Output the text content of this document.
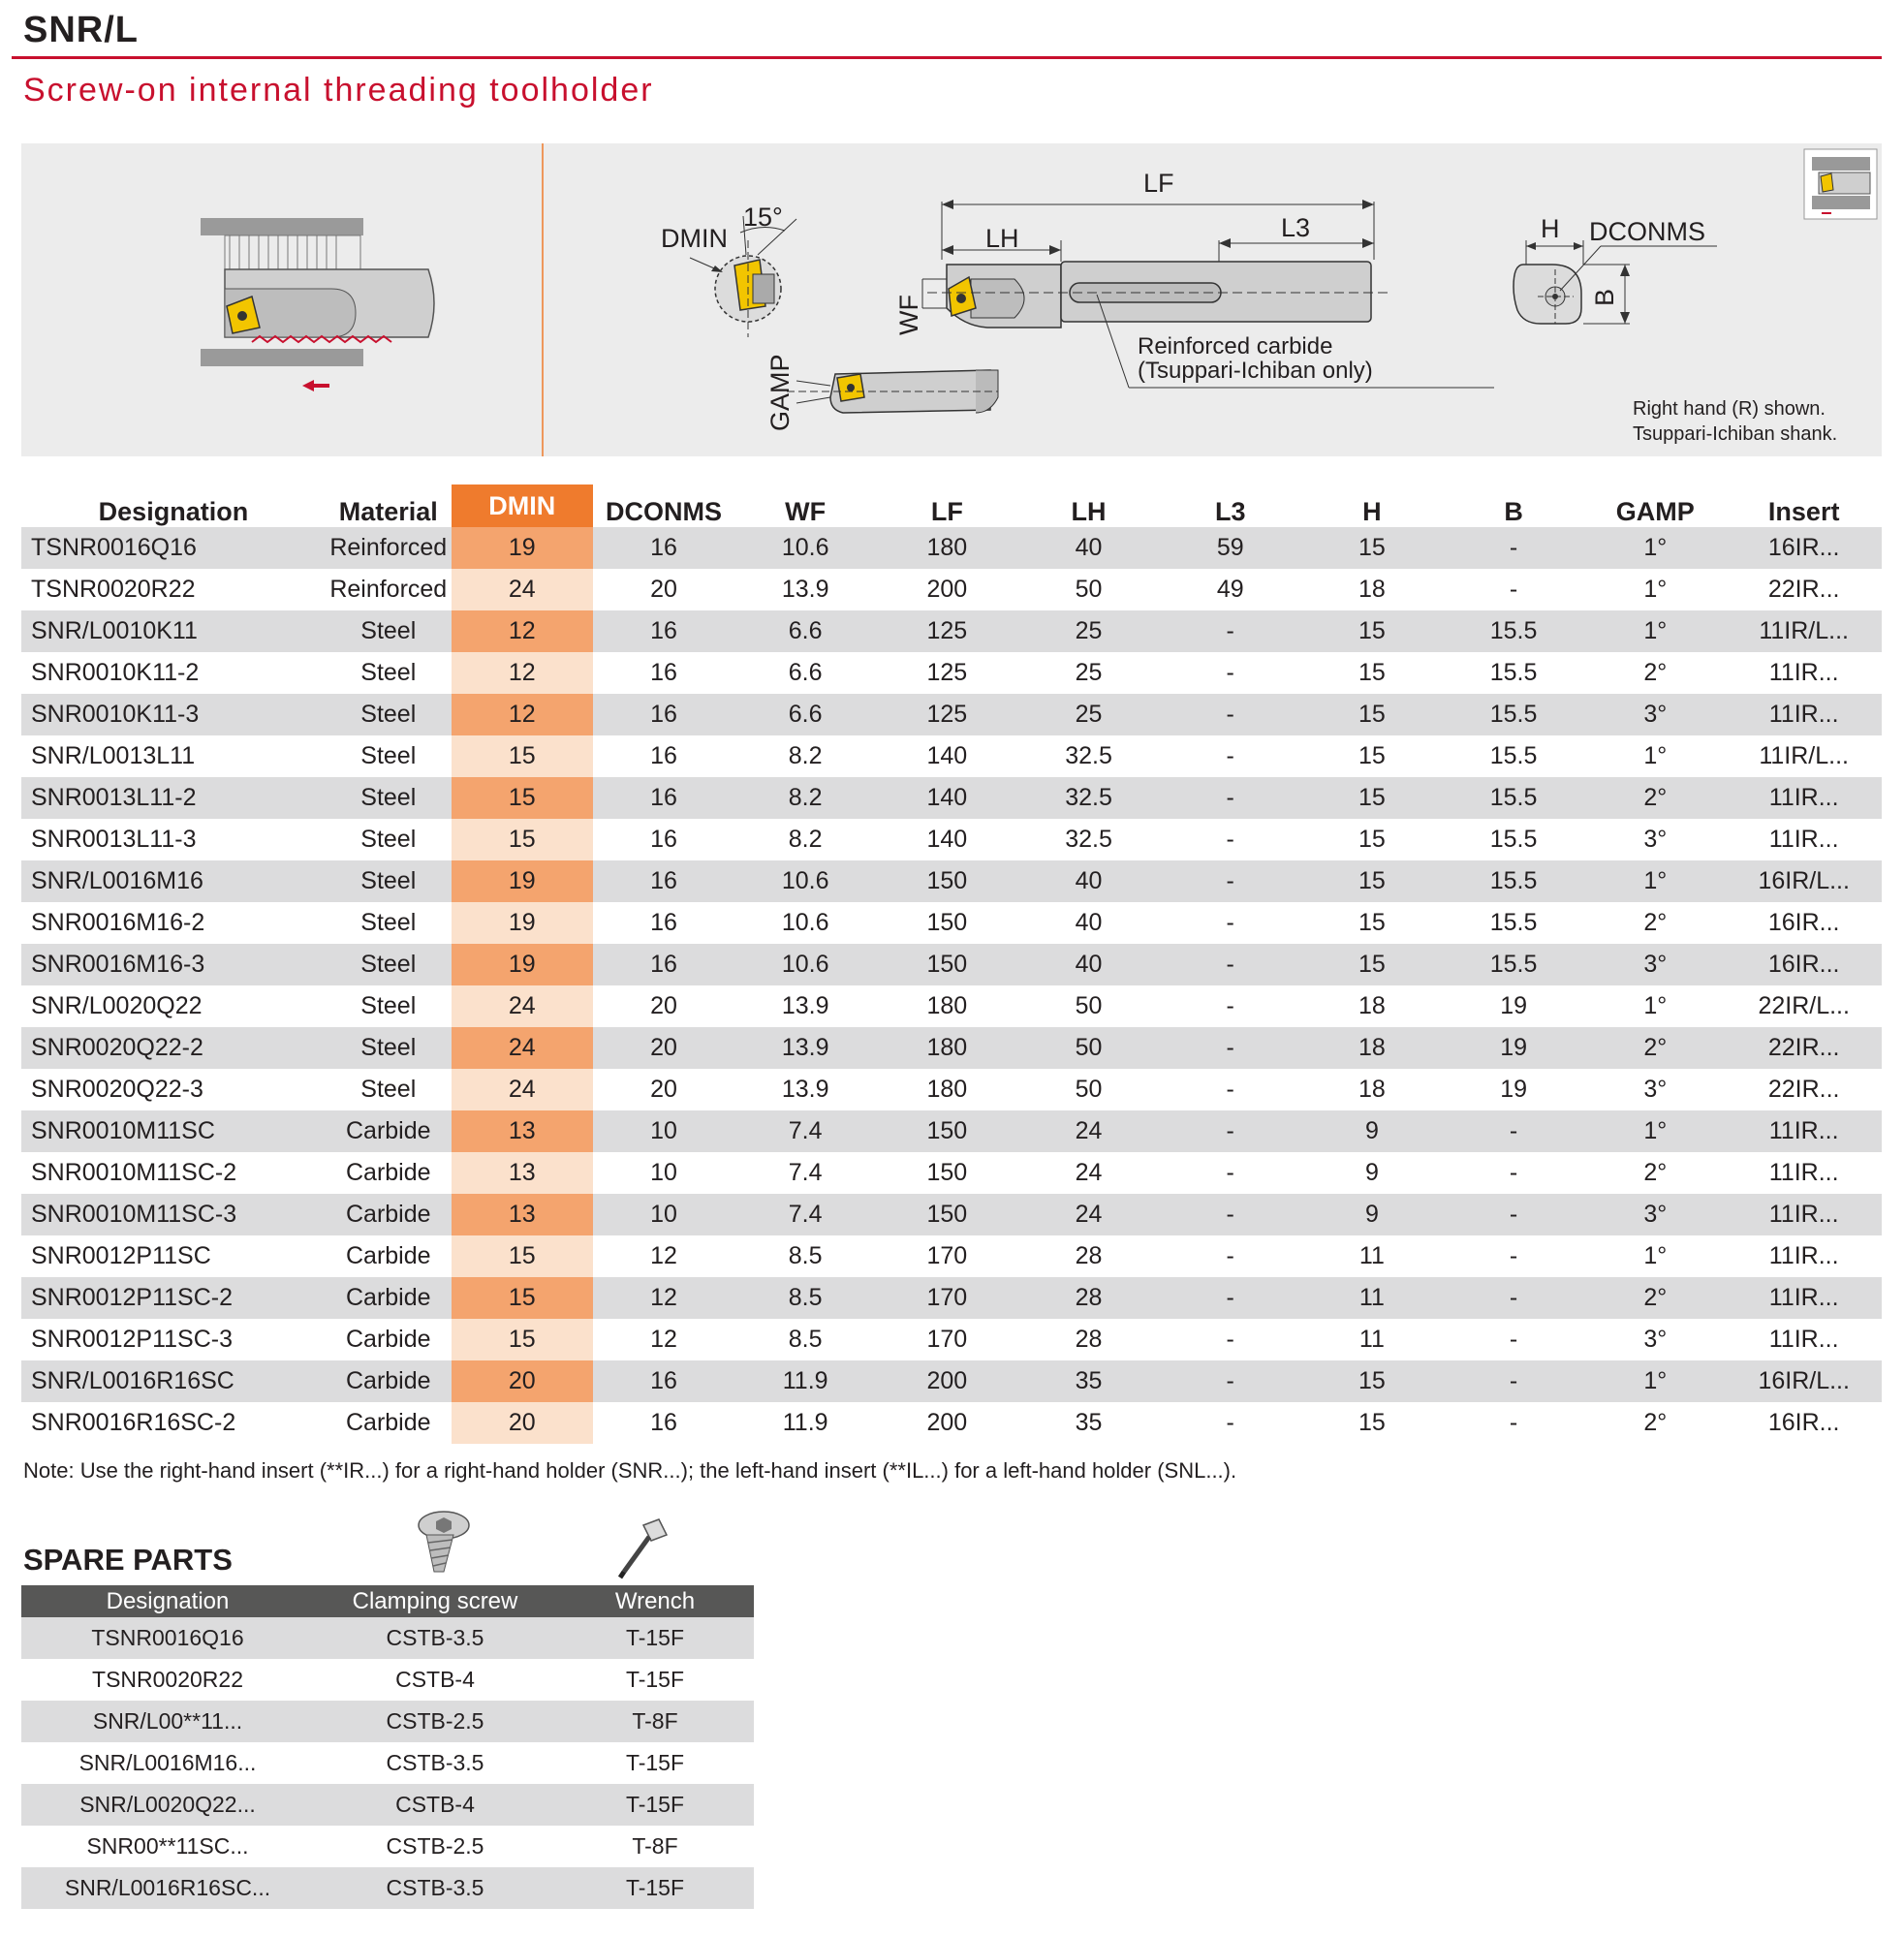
SNR/L
Screw-on internal threading toolholder
DMIN
15°
GAMP
LF
LH	L3
WF
Reinforced carbide
(Tsuppari-Ichiban only)
H DCONMS
B
Right hand (R) shown.
Tsuppari-Ichiban shank.
Designation	Material	DMIN	DCONMS	WF	LF	LH	L3	H	B	GAMP	Insert
TSNR0016Q16	Reinforced	19	16	10.6	180	40	59	15	-	1°	16IR...
TSNR0020R22	Reinforced	24	20	13.9	200	50	49	18	-	1°	22IR...
SNR/L0010K11	Steel	12	16	6.6	125	25	-	15	15.5	1°	11IR/L...
SNR0010K11-2	Steel	12	16	6.6	125	25	-	15	15.5	2°	11IR...
SNR0010K11-3	Steel	12	16	6.6	125	25	-	15	15.5	3°	11IR...
SNR/L0013L11	Steel	15	16	8.2	140	32.5	-	15	15.5	1°	11IR/L...
SNR0013L11-2	Steel	15	16	8.2	140	32.5	-	15	15.5	2°	11IR...
SNR0013L11-3	Steel	15	16	8.2	140	32.5	-	15	15.5	3°	11IR...
SNR/L0016M16	Steel	19	16	10.6	150	40	-	15	15.5	1°	16IR/L...
SNR0016M16-2	Steel	19	16	10.6	150	40	-	15	15.5	2°	16IR...
SNR0016M16-3	Steel	19	16	10.6	150	40	-	15	15.5	3°	16IR...
SNR/L0020Q22	Steel	24	20	13.9	180	50	-	18	19	1°	22IR/L...
SNR0020Q22-2	Steel	24	20	13.9	180	50	-	18	19	2°	22IR...
SNR0020Q22-3	Steel	24	20	13.9	180	50	-	18	19	3°	22IR...
SNR0010M11SC	Carbide	13	10	7.4	150	24	-	9	-	1°	11IR...
SNR0010M11SC-2	Carbide	13	10	7.4	150	24	-	9	-	2°	11IR...
SNR0010M11SC-3	Carbide	13	10	7.4	150	24	-	9	-	3°	11IR...
SNR0012P11SC	Carbide	15	12	8.5	170	28	-	11	-	1°	11IR...
SNR0012P11SC-2	Carbide	15	12	8.5	170	28	-	11	-	2°	11IR...
SNR0012P11SC-3	Carbide	15	12	8.5	170	28	-	11	-	3°	11IR...
SNR/L0016R16SC	Carbide	20	16	11.9	200	35	-	15	-	1°	16IR/L...
SNR0016R16SC-2	Carbide	20	16	11.9	200	35	-	15	-	2°	16IR...
Note: Use the right-hand insert (**IR...) for a right-hand holder (SNR...); the left-hand insert (**IL...) for a left-hand holder (SNL...).
SPARE PARTS
Designation	Clamping screw	Wrench
TSNR0016Q16	CSTB-3.5	T-15F
TSNR0020R22	CSTB-4	T-15F
SNR/L00**11...	CSTB-2.5	T-8F
SNR/L0016M16...	CSTB-3.5	T-15F
SNR/L0020Q22...	CSTB-4	T-15F
SNR00**11SC...	CSTB-2.5	T-8F
SNR/L0016R16SC...	CSTB-3.5	T-15F
